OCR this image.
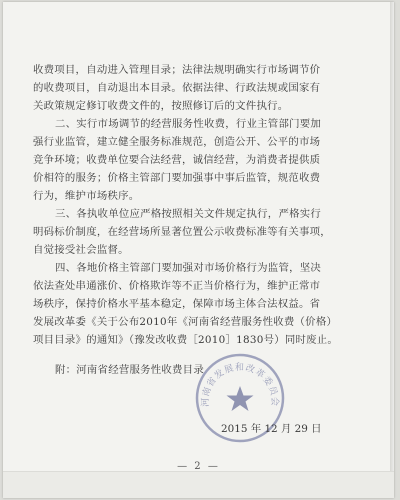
收费项目，自动进入管理目录；法律法规明确实行市场调节价
的收费项目，自动退出本目录。依据法律、行政法规或国家有
关政策规定修订收费文件的，按照修订后的文件执行。
二、实行市场调节的经营服务性收费，行业主管部门要加
强行业监管，建立健全服务标准规范，创造公开、公平的市场
竞争环境；收费单位要合法经营，诚信经营，为消费者提供质
价相符的服务；价格主管部门要加强事中事后监管，规范收费
行为，维护市场秩序。
三、各执收单位应严格按照相关文件规定执行，严格实行
明码标价制度，在经营场所显著位置公示收费标准等有关事项，
自觉接受社会监督。
四、各地价格主管部门要加强对市场价格行为监管，坚决
依法查处串通涨价、价格欺诈等不正当价格行为，维护正常市
场秩序，保持价格水平基本稳定，保障市场主体合法权益。省
发展改革委《关于公布2010年《河南省经营服务性收费（价格）
项目目录》的通知》（豫发改收费［2010］1830号）同时废止。
附：河南省经营服务性收费目录
河南省发展和改革委员会
2015 年 12 月 29 日
— 2 —
